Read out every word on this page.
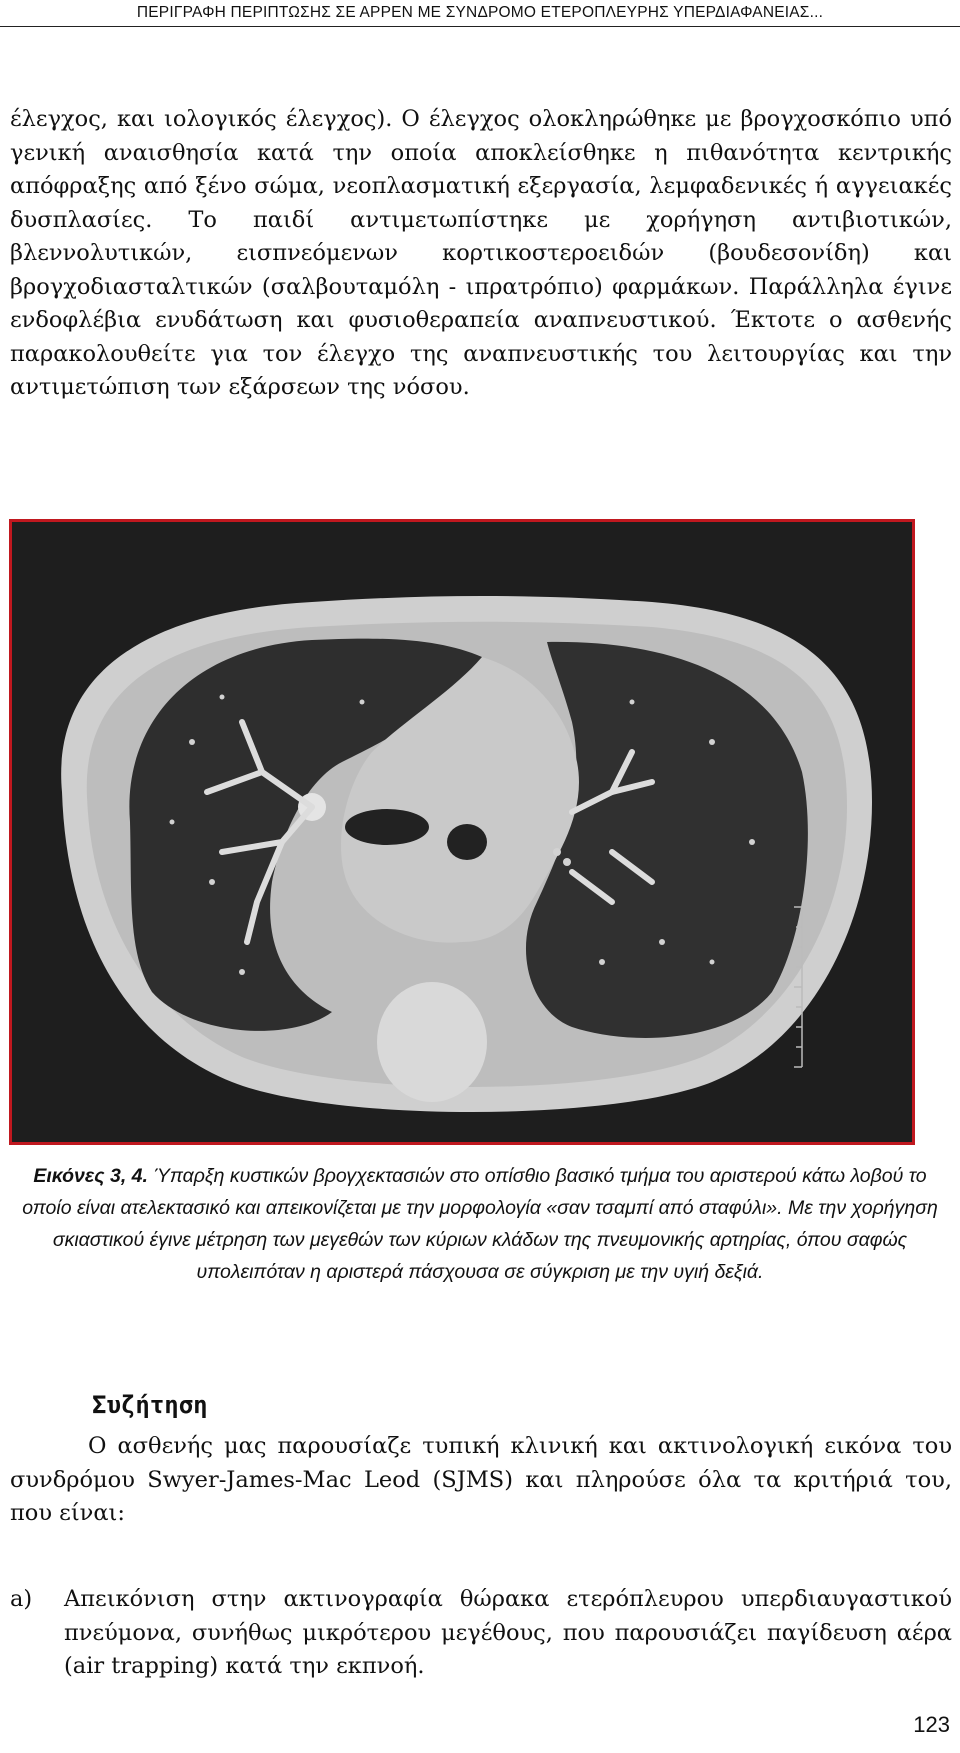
ΠΕΡΙΓΡΑΦΗ ΠΕΡΙΠΤΩΣΗΣ ΣΕ ΑΡΡΕΝ ΜΕ ΣΥΝΔΡΟΜΟ ΕΤΕΡΟΠΛΕΥΡΗΣ ΥΠΕΡΔΙΑΦΑΝΕΙΑΣ...

έλεγχος, και ιολογικός έλεγχος). Ο έλεγχος ολοκληρώθηκε με βρογχοσκόπιο υπό γενική αναισθησία κατά την οποία αποκλείσθηκε η πιθανότητα κεντρικής απόφραξης από ξένο σώμα, νεοπλασματική εξεργασία, λεμφαδενικές ή αγγειακές δυσπλασίες. Το παιδί αντιμετωπίστηκε με χορήγηση αντιβιοτικών, βλεννολυτικών, εισπνεόμενων κορτικοστεροειδών (βουδεσονίδη) και βρογχοδιασταλτικών (σαλβουταμόλη - ιπρατρόπιο) φαρμάκων. Παράλληλα έγινε ενδοφλέβια ενυδάτωση και φυσιοθεραπεία αναπνευστικού. Έκτοτε ο ασθενής παρακολουθείτε για τον έλεγχο της αναπνευστικής του λειτουργίας και την αντιμετώπιση των εξάρσεων της νόσου.

Εικόνες 3, 4. Ύπαρξη κυστικών βρογχεκτασιών στο οπίσθιο βασικό τμήμα του αριστερού κάτω λοβού το οποίο είναι ατελεκτασικό και απεικονίζεται με την μορφολογία «σαν τσαμπί από σταφύλι». Με την χορήγηση σκιαστικού έγινε μέτρηση των μεγεθών των κύριων κλάδων της πνευμονικής αρτηρίας, όπου σαφώς υπολειπόταν η αριστερά πάσχουσα σε σύγκριση με την υγιή δεξιά.

Συζήτηση

Ο ασθενής μας παρουσίαζε τυπική κλινική και ακτινολογική εικόνα του συνδρόμου Swyer-James-Mac Leod (SJMS) και πληρούσε όλα τα κριτήριά του, που είναι:

a) Απεικόνιση στην ακτινογραφία θώρακα ετερόπλευρου υπερδιαυγαστικού πνεύμονα, συνήθως μικρότερου μεγέθους, που παρουσιάζει παγίδευση αέρα (air trapping) κατά την εκπνοή.
123
